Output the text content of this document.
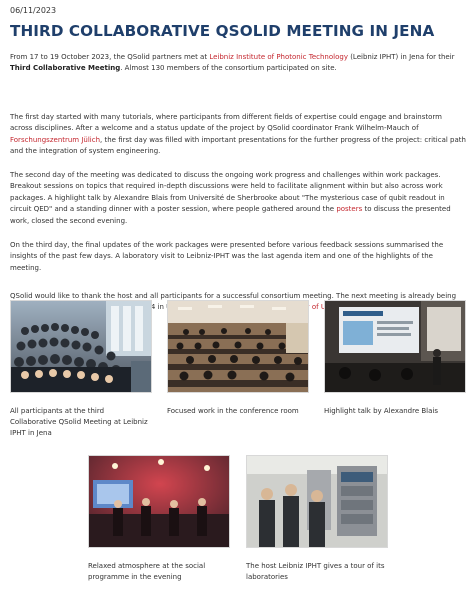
06/11/2023
THIRD COLLABORATIVE QSOLID MEETING IN JENA

From 17 to 19 October 2023, the QSolid partners met at Leibniz Institute of Photonic Technology (Leibniz IPHT) in Jena for their Third Collaborative Meeting. Almost 130 members of the consortium participated on site.

The first day started with many tutorials, where participants from different fields of expertise could engage and brainstorm across disciplines. After a welcome and a status update of the project by QSolid coordinator Frank Wilhelm-Mauch of Forschungszentrum Jülich, the first day was filled with important presentations for the further progress of the project: critical path and the integration of system engineering.

The second day of the meeting was dedicated to discuss the ongoing work progress and challenges within work packages. Breakout sessions on topics that required in-depth discussions were held to facilitate alignment within but also across work packages. A highlight talk by Alexandre Blais from Université de Sherbrooke about "The mysterious case of qubit readout in circuit QED" and a standing dinner with a poster session, where people gathered around the posters to discuss the presented work, closed the second evening.

On the third day, the final updates of the work packages were presented before various feedback sessions summarised the insights of the past few days. A laboratory visit to Leibniz-IPHT was the last agenda item and one of the highlights of the meeting.

QSolid would like to thank the host and all participants for a successful consortium meeting. The next meeting is already being in	of

All participants at the third Collaborative QSolid Meeting at Leibniz IPHT in Jena
Focused work in the conference room	Highlight talk by Alexandre Blais
Relaxed atmosphere at the social programme in the evening
The host Leibniz IPHT gives a tour of its laboratories
